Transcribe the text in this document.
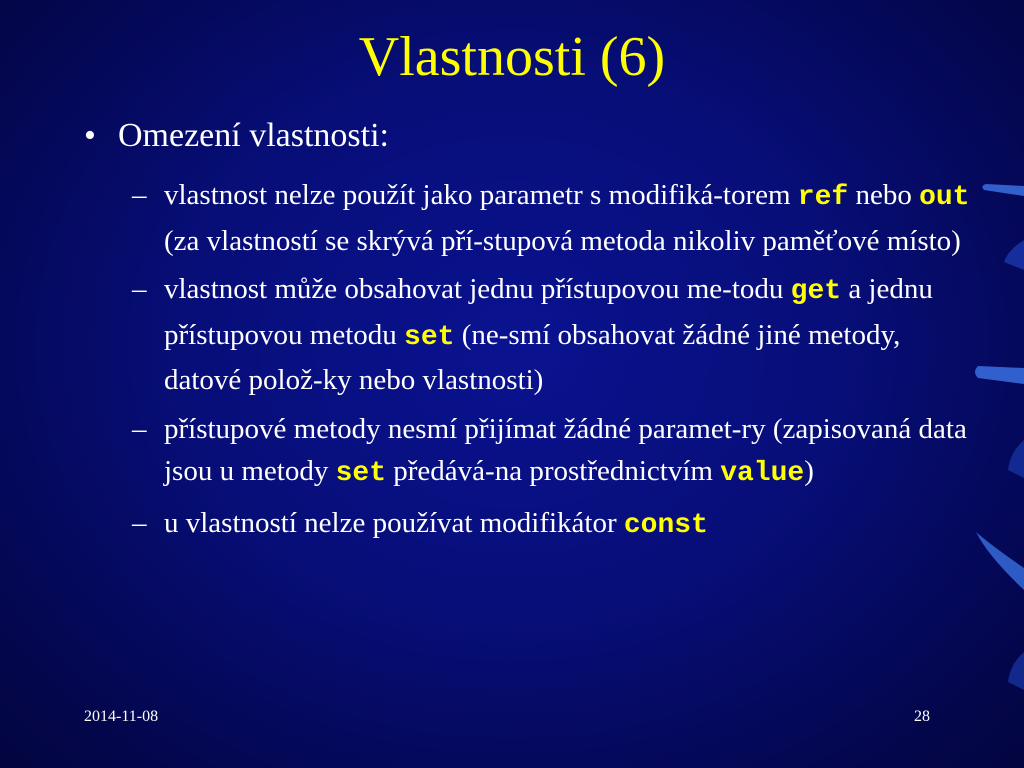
Vlastnosti (6)

• Omezení vlastnosti:

– vlastnost nelze použít jako parametr s modifiká-torem ref nebo out (za vlastností se skrývá pří-stupová metoda nikoliv paměťové místo)
– vlastnost může obsahovat jednu přístupovou me-todu get a jednu přístupovou metodu set (ne-smí obsahovat žádné jiné metody, datové polož-ky nebo vlastnosti)
– přístupové metody nesmí přijímat žádné paramet-ry (zapisovaná data jsou u metody set předává-na prostřednictvím value)
– u vlastností nelze používat modifikátor const
2014-11-08	28
